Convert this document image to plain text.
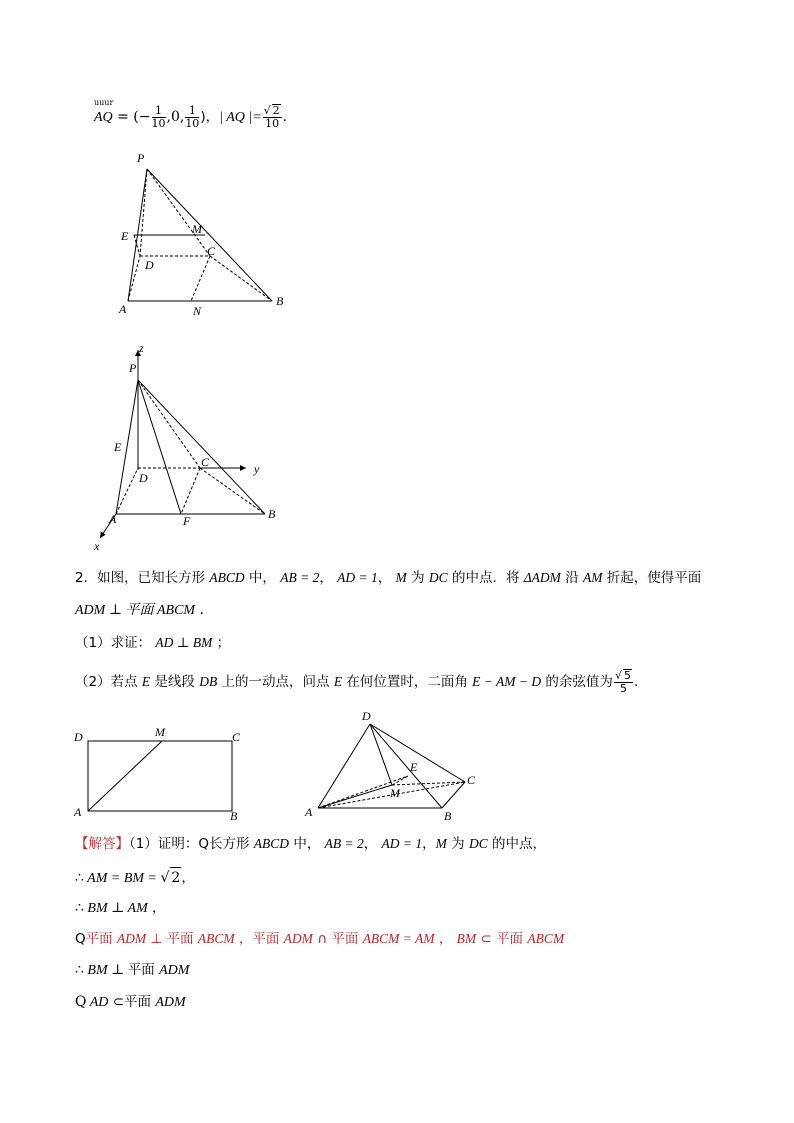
uuur
AQ = (− $\frac{1}{10} ,0$, $\frac{1}{10}$ )，| AQ |= $\frac{√ 2}{10}$ .
P
E	M
C
D
A	N
B
z
P
E
C
D
y
A	F	B
x
2．如图，已知长方形 ABCD 中， AB = 2， AD = 1， M 为 DC 的中点．将 ΔADM 沿 AM 折起，使得平面
ADM ⊥ 平面 ABCM .
（1）求证： AD ⊥ BM ；
（2）若点 E 是线段 DB 上的一动点，问点 E 在何位置时，二面角 E − AM − D 的余弦值为 $\frac{√ 5}{5}$ .
D	M	C
A	B
D
E
C
M
A	B
【解答】（1）证明：Q长方形 ABCD 中， AB = 2， AD = 1，M 为 DC 的中点，
∴ AM = BM = √ 2，
∴ BM ⊥ AM ，
Q平面 ADM ⊥ 平面 ABCM ，平面 ADM ∩ 平面 ABCM = AM ， BM ⊂ 平面 ABCM
∴ BM ⊥ 平面 ADM
Q AD ⊂平面 ADM
